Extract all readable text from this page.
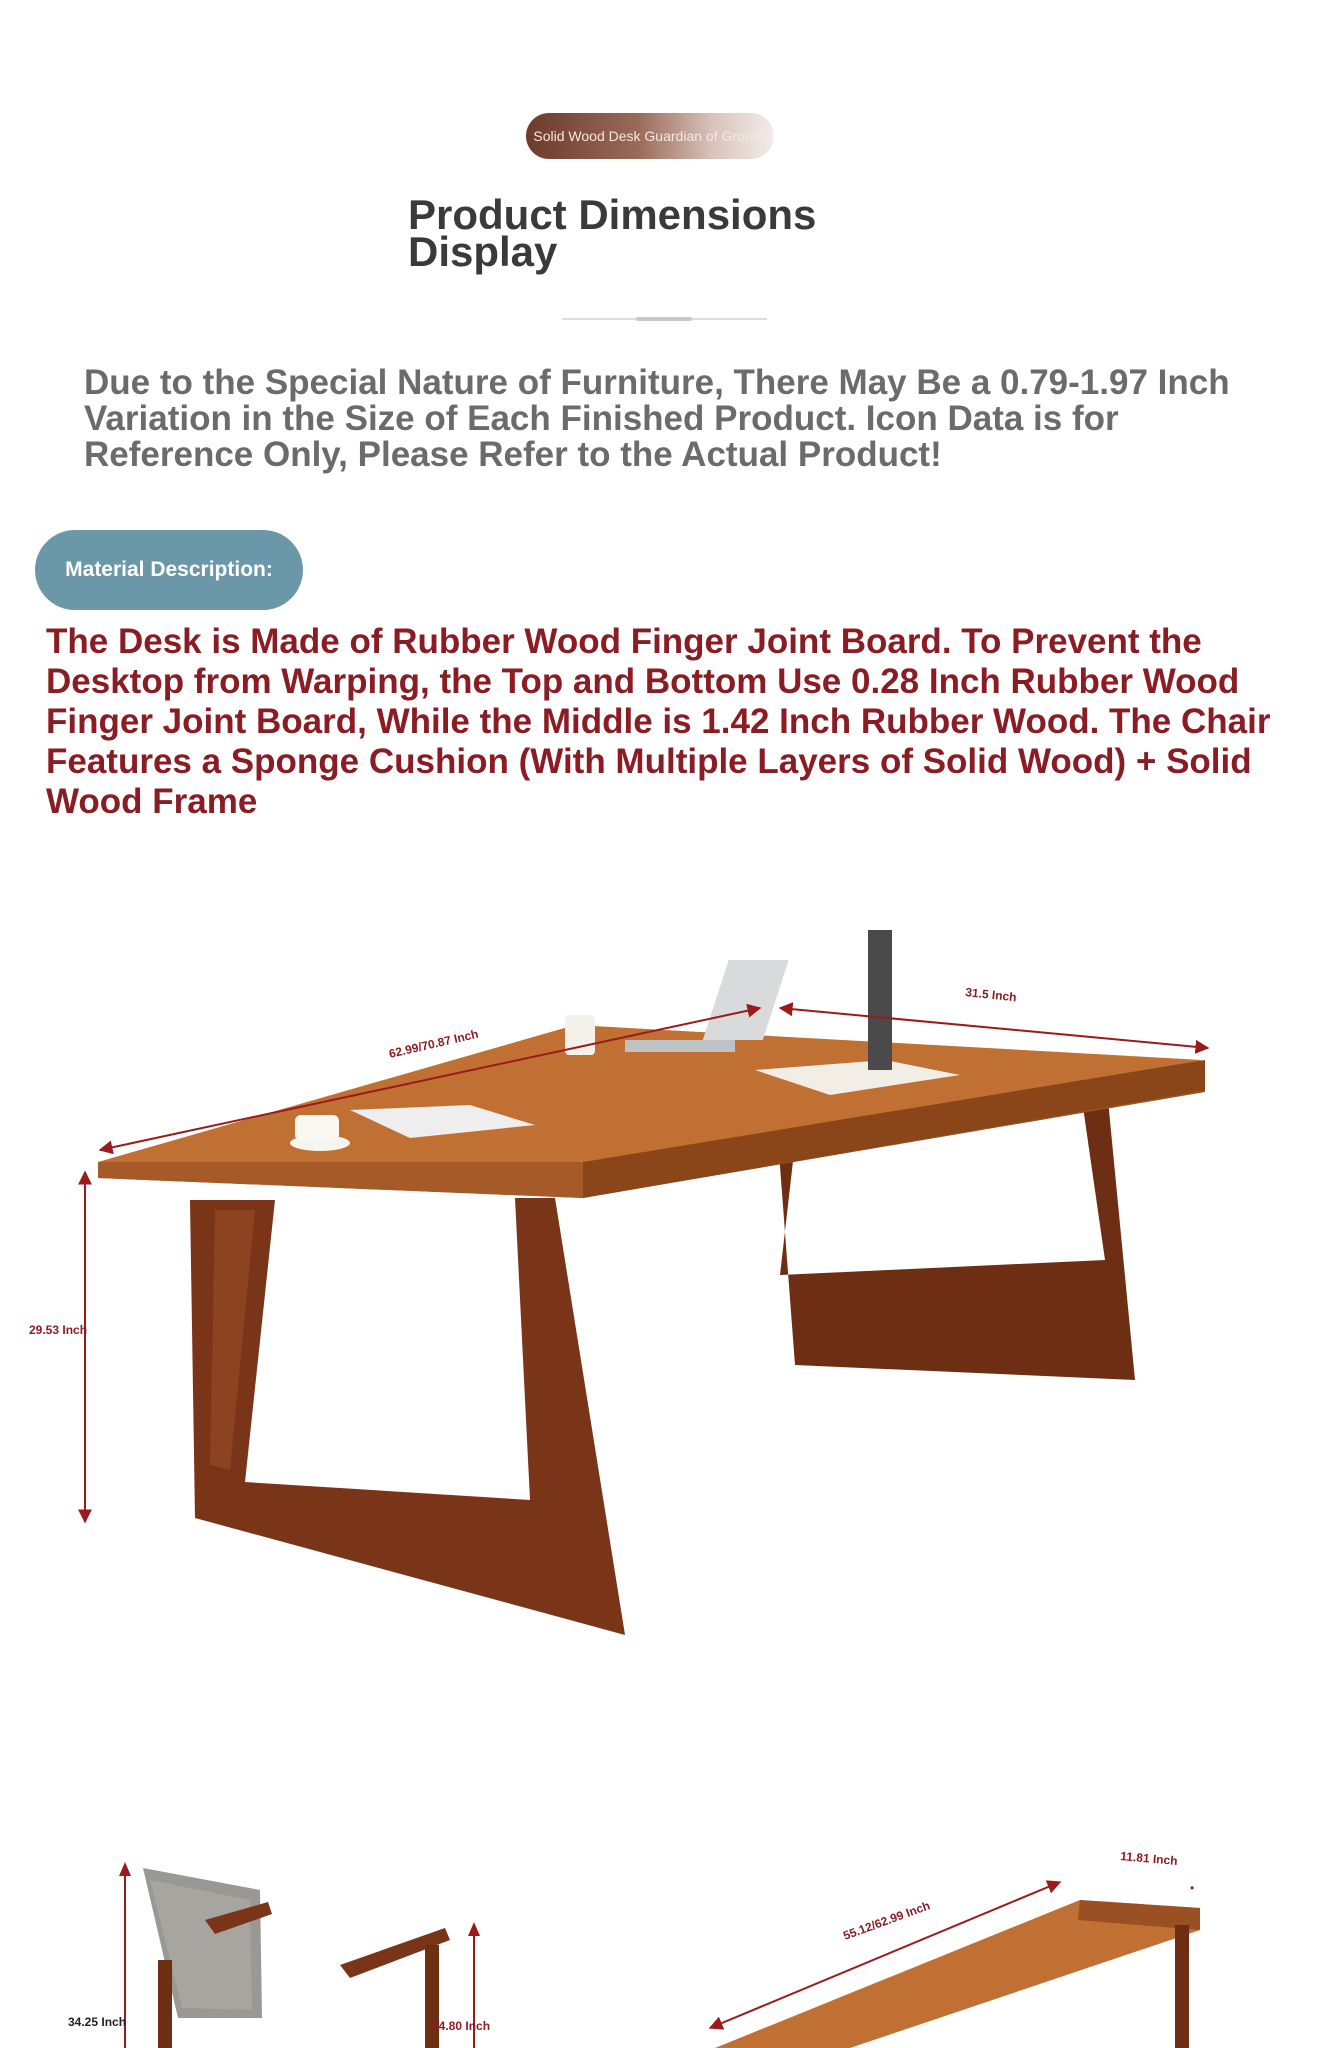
Solid Wood Desk Guardian of Growth
Product Dimensions Display
Due to the Special Nature of Furniture, There May Be a 0.79-1.97 Inch Variation in the Size of Each Finished Product. Icon Data is for Reference Only, Please Refer to the Actual Product!
Material Description:
The Desk is Made of Rubber Wood Finger Joint Board. To Prevent the Desktop from Warping, the Top and Bottom Use 0.28 Inch Rubber Wood Finger Joint Board, While the Middle is 1.42 Inch Rubber Wood. The Chair Features a Sponge Cushion (With Multiple Layers of Solid Wood) + Solid Wood Frame
62.99/70.87 Inch
31.5 Inch
29.53 Inch
34.25 Inch	24.80 Inch
55.12/62.99 Inch
11.81 Inch
•
